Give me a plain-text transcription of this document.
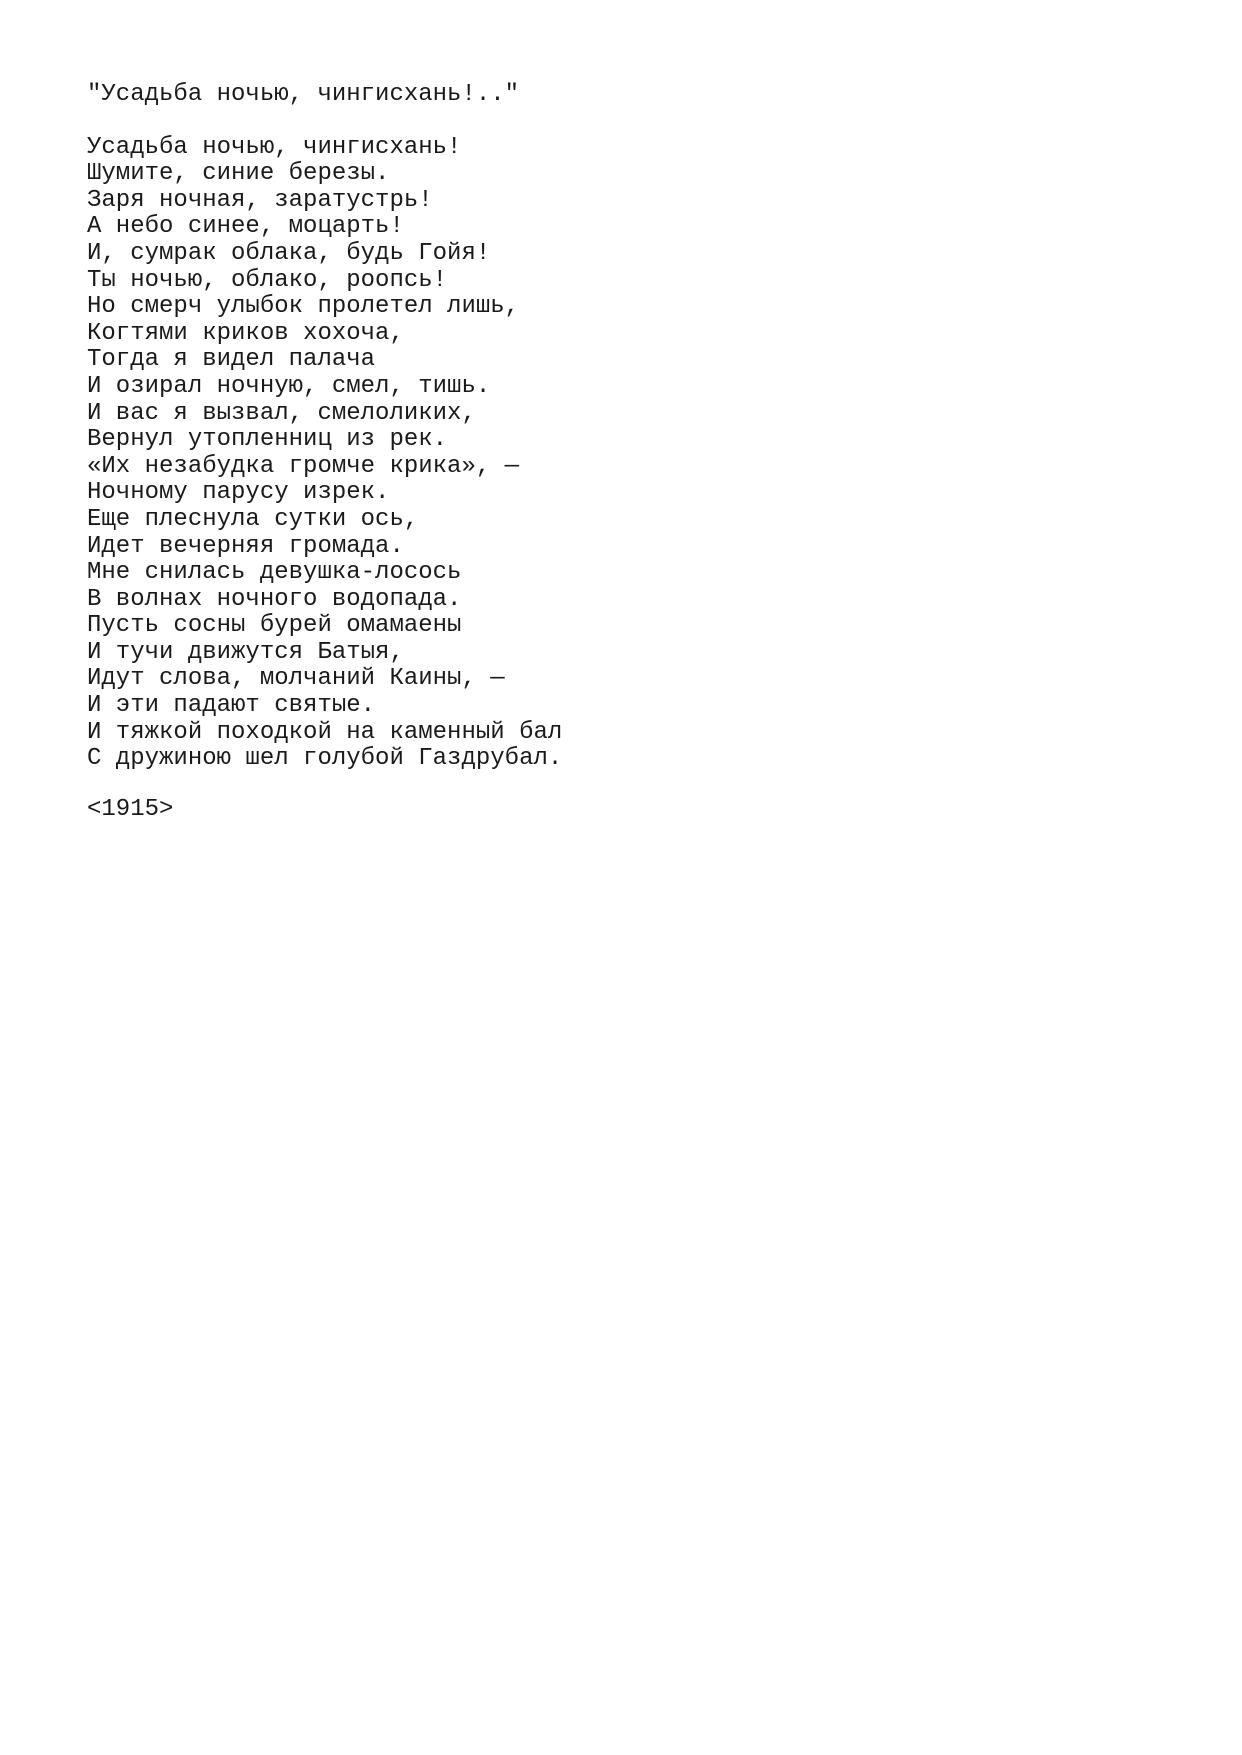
"Усадьба ночью, чингисхань!.."
Усадьба ночью, чингисхань!
Шумите, синие березы.
Заря ночная, заратустрь!
А небо синее, моцарть!
И, сумрак облака, будь Гойя!
Ты ночью, облако, роопсь!
Но смерч улыбок пролетел лишь,
Когтями криков хохоча,
Тогда я видел палача
И озирал ночную, смел, тишь.
И вас я вызвал, смелоликих,
Вернул утопленниц из рек.
«Их незабудка громче крика», —
Ночному парусу изрек.
Еще плеснула сутки ось,
Идет вечерняя громада.
Мне снилась девушка-лосось
В волнах ночного водопада.
Пусть сосны бурей омамаены
И тучи движутся Батыя,
Идут слова, молчаний Каины, —
И эти падают святые.
И тяжкой походкой на каменный бал
С дружиною шел голубой Газдрубал.
<1915>
